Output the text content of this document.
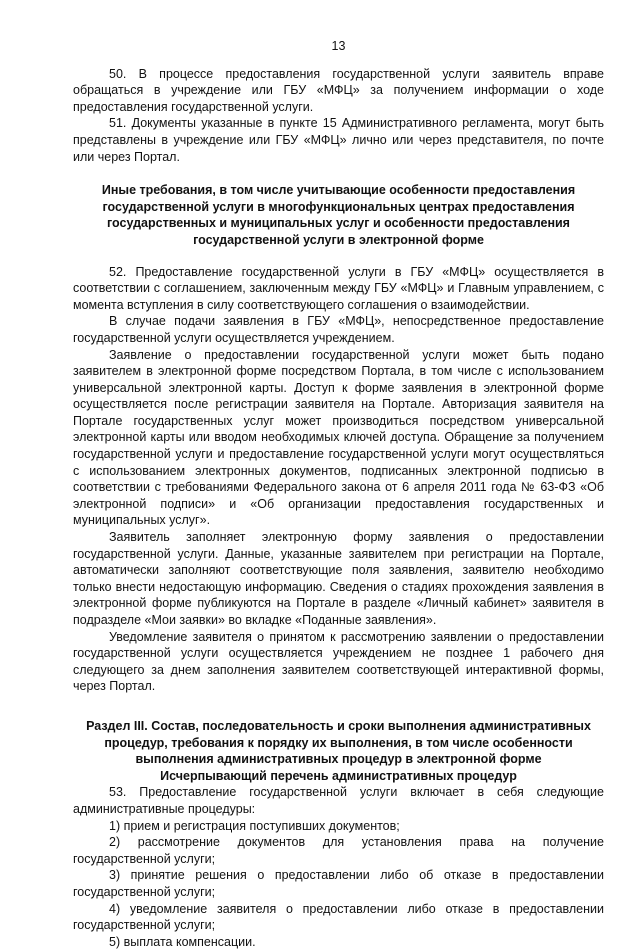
13

50. В процессе предоставления государственной услуги заявитель вправе обращаться в учреждение или ГБУ «МФЦ» за получением информации о ходе предоставления государственной услуги.

51. Документы указанные в пункте 15 Административного регламента, могут быть представлены в учреждение или ГБУ «МФЦ» лично или через представителя, по почте или через Портал.

Иные требования, в том числе учитывающие особенности предоставления государственной услуги в многофункциональных центрах предоставления государственных и муниципальных услуг и особенности предоставления государственной услуги в электронной форме

52. Предоставление государственной услуги в ГБУ «МФЦ» осуществляется в соответствии с соглашением, заключенным между ГБУ «МФЦ» и Главным управлением, с момента вступления в силу соответствующего соглашения о взаимодействии.

В случае подачи заявления в ГБУ «МФЦ», непосредственное предоставление государственной услуги осуществляется учреждением.

Заявление о предоставлении государственной услуги может быть подано заявителем в электронной форме посредством Портала, в том числе с использованием универсальной электронной карты. Доступ к форме заявления в электронной форме осуществляется после регистрации заявителя на Портале. Авторизация заявителя на Портале государственных услуг может производиться посредством универсальной электронной карты или вводом необходимых ключей доступа. Обращение за получением государственной услуги и предоставление государственной услуги могут осуществляться с использованием электронных документов, подписанных электронной подписью в соответствии с требованиями Федерального закона от 6 апреля 2011 года № 63-ФЗ «Об электронной подписи» и «Об организации предоставления государственных и муниципальных услуг».

Заявитель заполняет электронную форму заявления о предоставлении государственной услуги. Данные, указанные заявителем при регистрации на Портале, автоматически заполняют соответствующие поля заявления, заявителю необходимо только внести недостающую информацию. Сведения о стадиях прохождения заявления в электронной форме публикуются на Портале в разделе «Личный кабинет» заявителя в подразделе «Мои заявки» во вкладке «Поданные заявления».

Уведомление заявителя о принятом к рассмотрению заявлении о предоставлении государственной услуги осуществляется учреждением не позднее 1 рабочего дня следующего за днем заполнения заявителем соответствующей интерактивной формы, через Портал.

Раздел III. Состав, последовательность и сроки выполнения административных процедур, требования к порядку их выполнения, в том числе особенности выполнения административных процедур в электронной форме

Исчерпывающий перечень административных процедур

53. Предоставление государственной услуги включает в себя следующие административные процедуры:

1) прием и регистрация поступивших документов;

2) рассмотрение документов для установления права на получение государственной услуги;

3) принятие решения о предоставлении либо об отказе в предоставлении государственной услуги;

4) уведомление заявителя о предоставлении либо отказе в предоставлении государственной услуги;

5) выплата компенсации.
